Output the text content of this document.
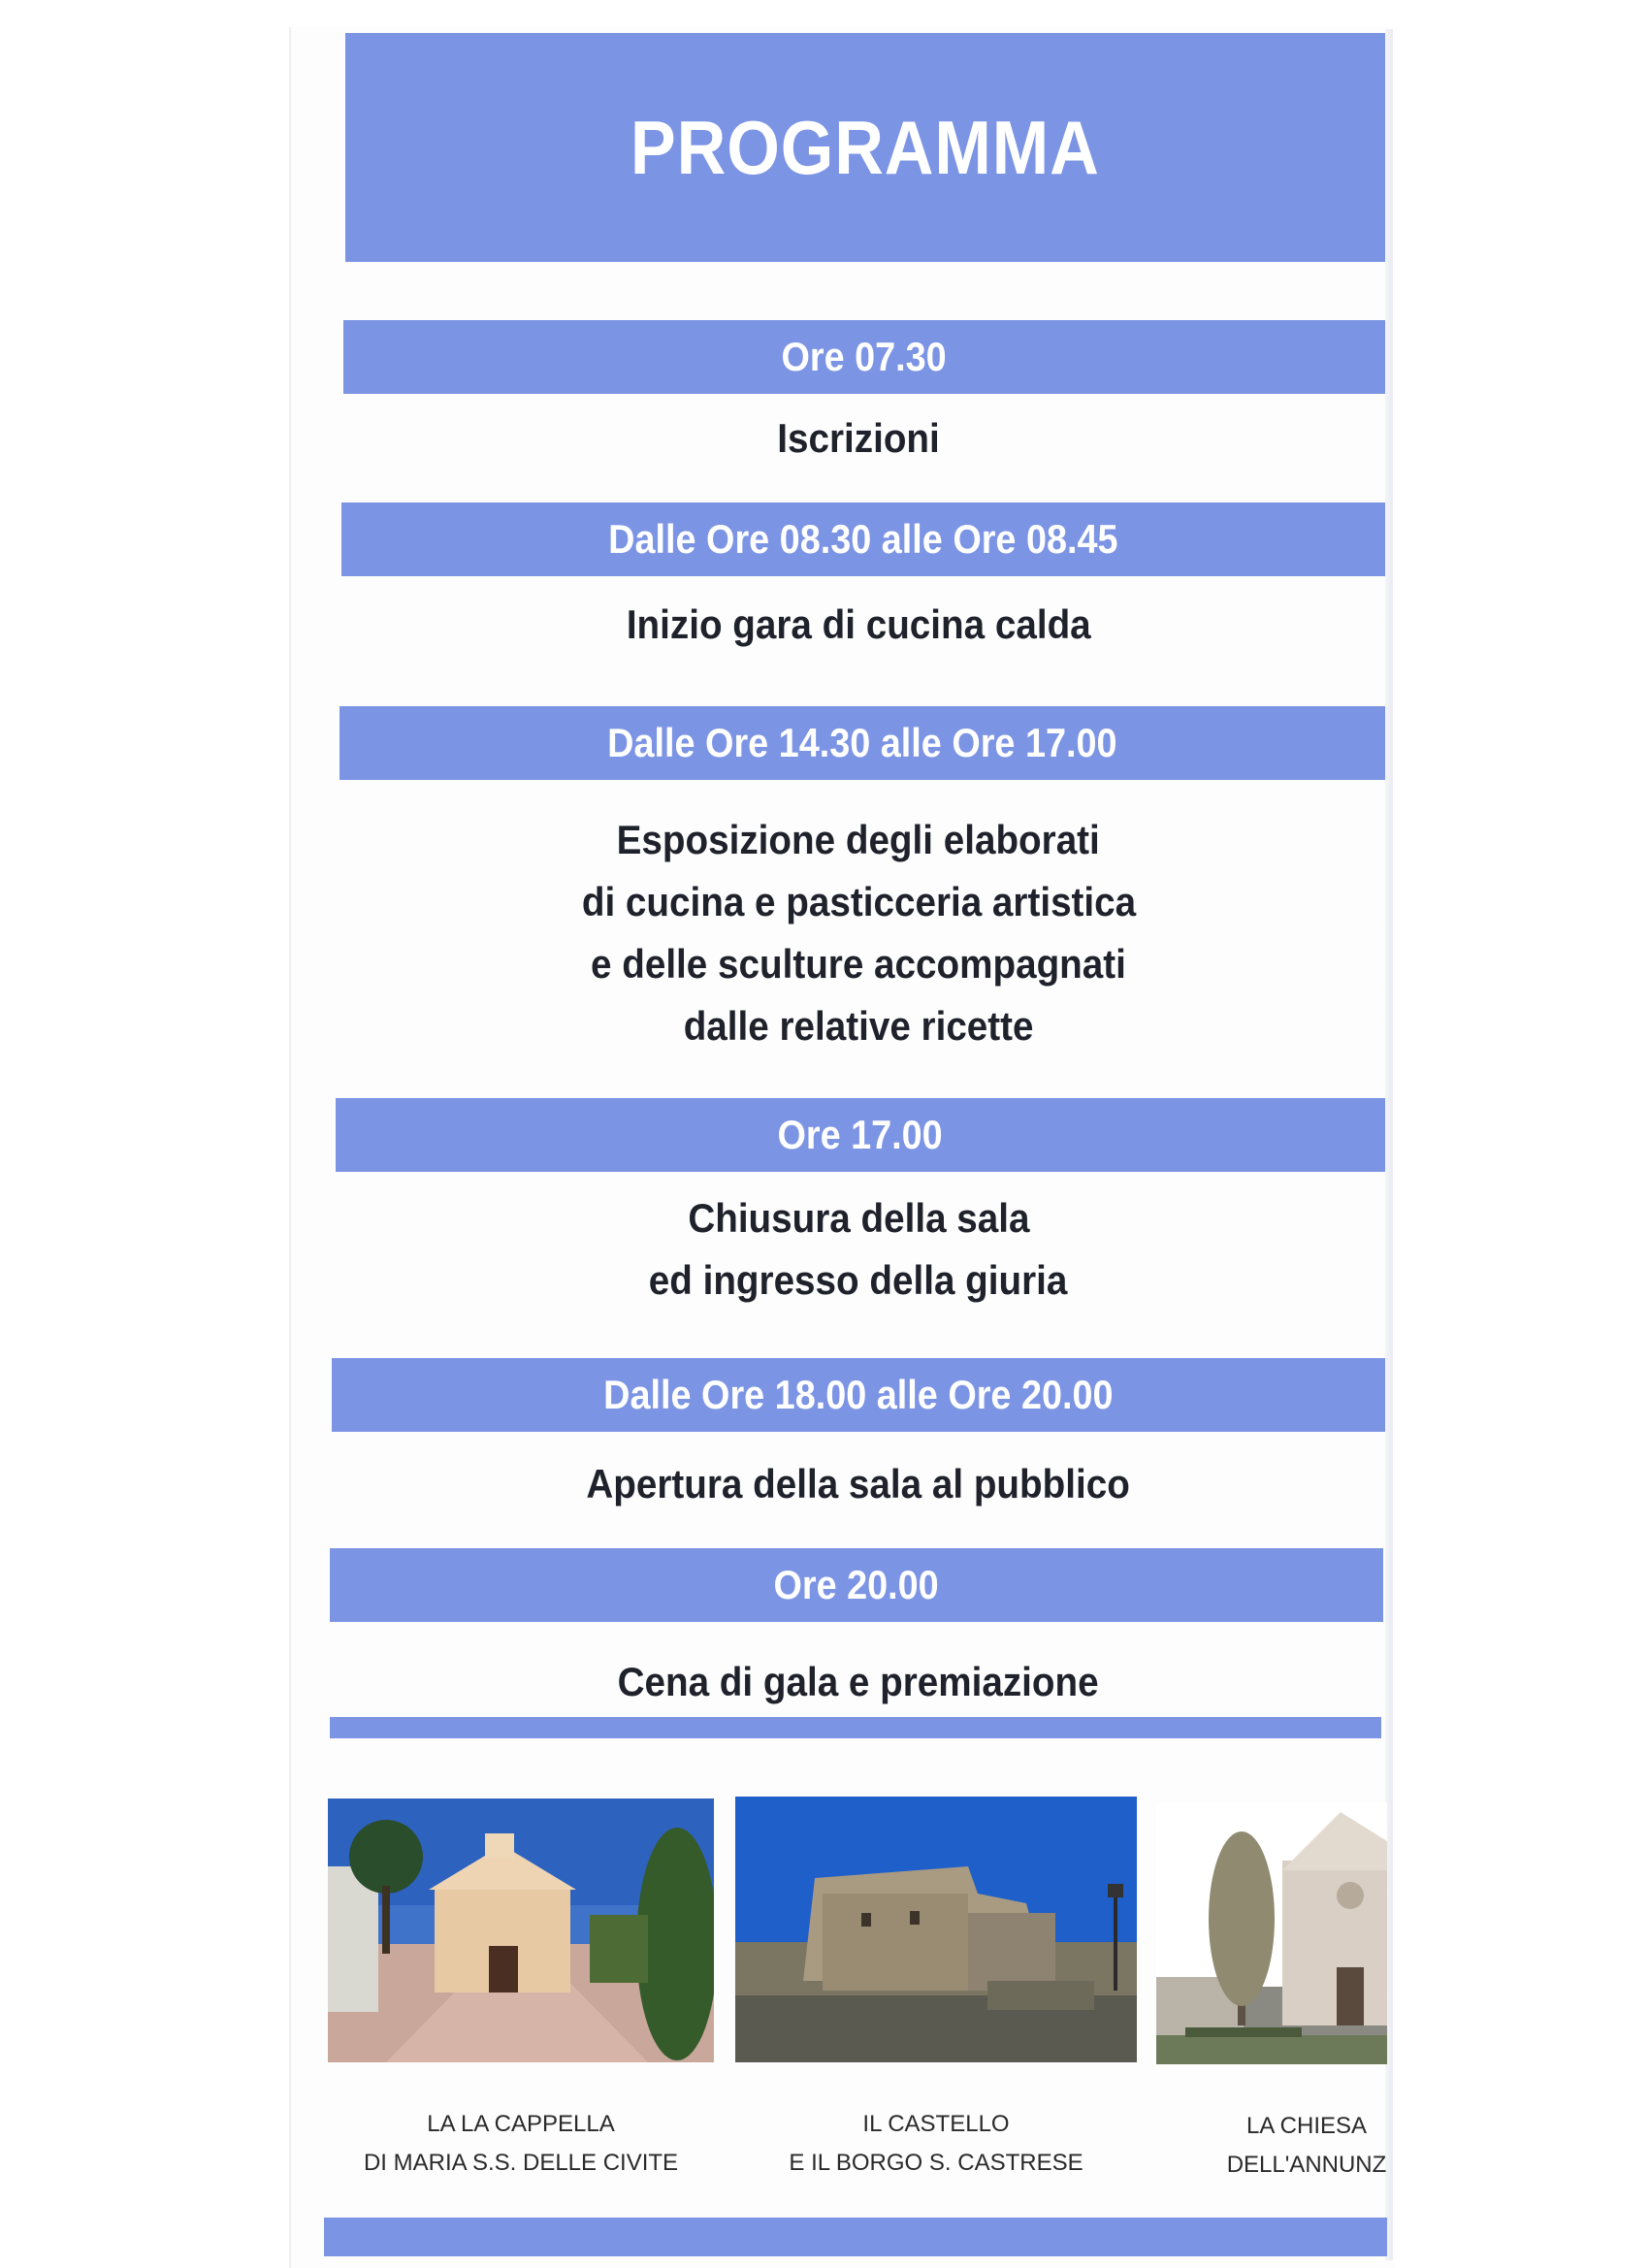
PROGRAMMA
Ore 07.30
Iscrizioni
Dalle Ore 08.30 alle Ore 08.45
Inizio gara di cucina calda
Dalle Ore 14.30 alle Ore 17.00
Esposizione degli elaborati
di cucina e pasticceria artistica
e delle sculture accompagnati
dalle relative ricette
Ore 17.00
Chiusura della sala
ed ingresso della giuria
Dalle Ore 18.00 alle Ore 20.00
Apertura della sala al pubblico
Ore 20.00
Cena di gala e premiazione
LA LA CAPPELLA
DI MARIA S.S. DELLE CIVITE
IL CASTELLO
E IL BORGO S. CASTRESE
LA CHIESA
DELL'ANNUNZ
